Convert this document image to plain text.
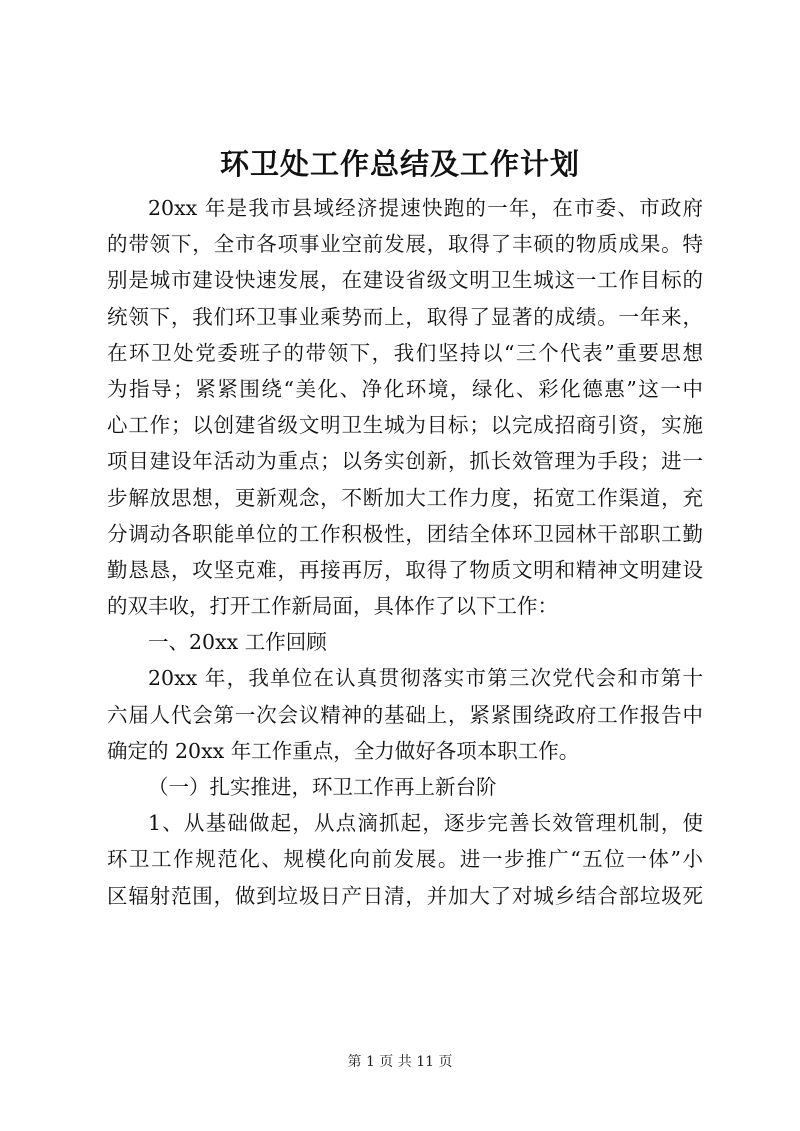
环卫处工作总结及工作计划
20xx 年是我市县域经济提速快跑的一年，在市委、市政府
的带领下，全市各项事业空前发展，取得了丰硕的物质成果。特
别是城市建设快速发展，在建设省级文明卫生城这一工作目标的
统领下，我们环卫事业乘势而上，取得了显著的成绩。一年来，
在环卫处党委班子的带领下，我们坚持以“三个代表”重要思想
为指导；紧紧围绕“美化、净化环境，绿化、彩化德惠”这一中
心工作；以创建省级文明卫生城为目标；以完成招商引资，实施
项目建设年活动为重点；以务实创新，抓长效管理为手段；进一
步解放思想，更新观念，不断加大工作力度，拓宽工作渠道，充
分调动各职能单位的工作积极性，团结全体环卫园林干部职工勤
勤恳恳，攻坚克难，再接再厉，取得了物质文明和精神文明建设
的双丰收，打开工作新局面，具体作了以下工作：
一、20xx 工作回顾
20xx 年，我单位在认真贯彻落实市第三次党代会和市第十
六届人代会第一次会议精神的基础上，紧紧围绕政府工作报告中
确定的 20xx 年工作重点，全力做好各项本职工作。
（一）扎实推进，环卫工作再上新台阶
1、从基础做起，从点滴抓起，逐步完善长效管理机制，使
环卫工作规范化、规模化向前发展。进一步推广“五位一体”小
区辐射范围，做到垃圾日产日清，并加大了对城乡结合部垃圾死
第 1 页 共 11 页
